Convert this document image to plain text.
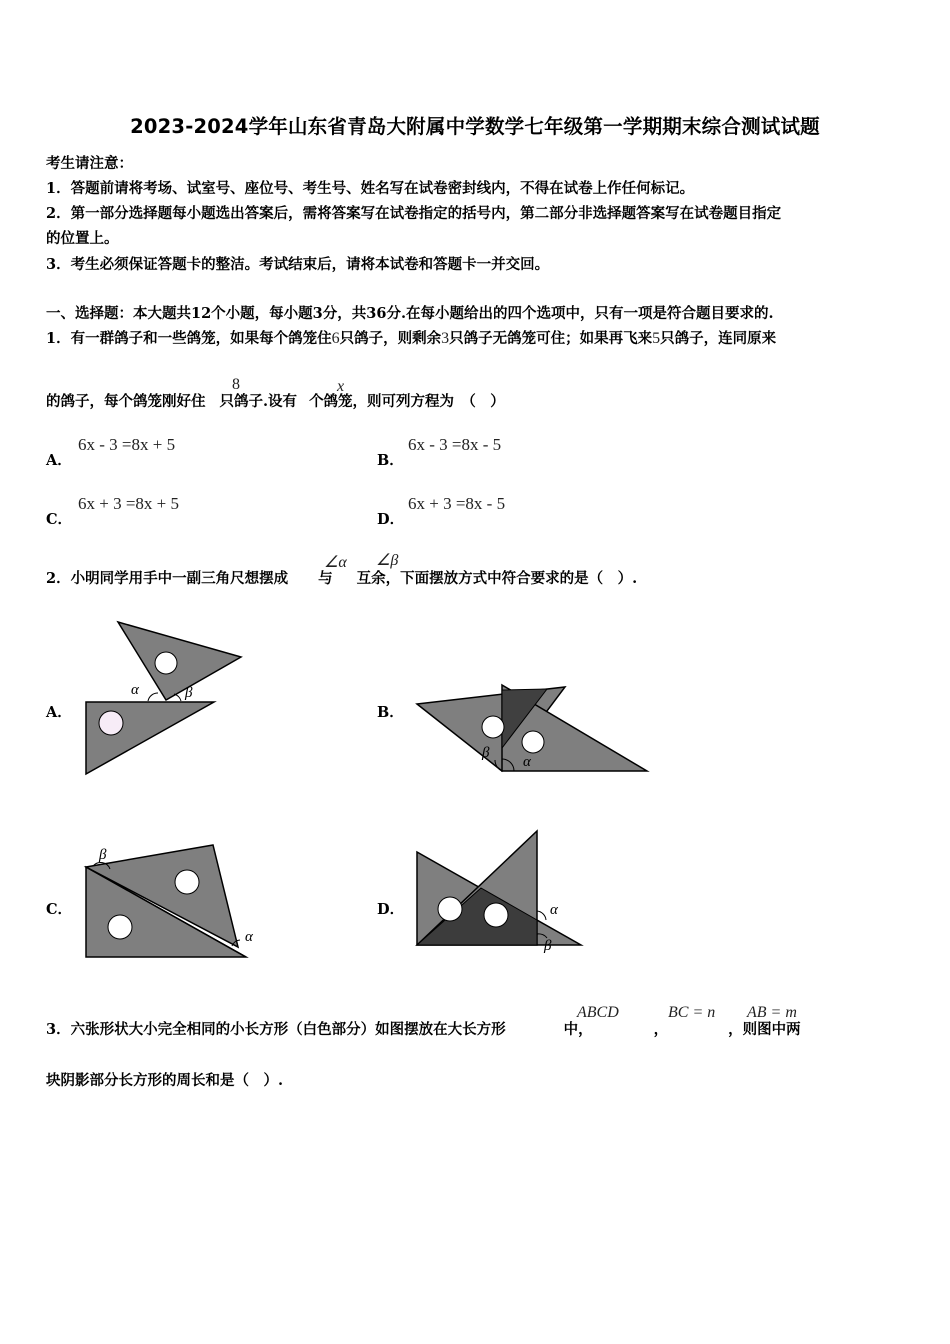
2023-2024学年山东省青岛大附属中学数学七年级第一学期期末综合测试试题
考生请注意：
1．答题前请将考场、试室号、座位号、考生号、姓名写在试卷密封线内，不得在试卷上作任何标记。
2．第一部分选择题每小题选出答案后，需将答案写在试卷指定的括号内，第二部分非选择题答案写在试卷题目指定
的位置上。
3．考生必须保证答题卡的整洁。考试结束后，请将本试卷和答题卡一并交回。
一、选择题：本大题共12个小题，每小题3分，共36分.在每小题给出的四个选项中，只有一项是符合题目要求的.
1．有一群鸽子和一些鸽笼，如果每个鸽笼住6只鸽子，则剩余3只鸽子无鸽笼可住；如果再飞来5只鸽子，连同原来
的鸽子，每个鸽笼刚好住 只鸽子.设有 个鸽笼，则可列方程为　（　）
8	x
A．
6x - 3 =8x + 5
B．
6x - 3 =8x - 5
C．
6x + 3 =8x + 5
D．
6x + 3 =8x - 5
2．小明同学用手中一副三角尺想摆成 与 互余，下面摆放方式中符合要求的是（　）.
∠α ∠β
A．
α	β
B．
β
α
C．
β
α
D．	α
β
3．六张形状大小完全相同的小长方形（白色部分）如图摆放在大长方形	中，	，	，则图中两
ABCD	BC = n AB = m
块阴影部分长方形的周长和是（　）.
